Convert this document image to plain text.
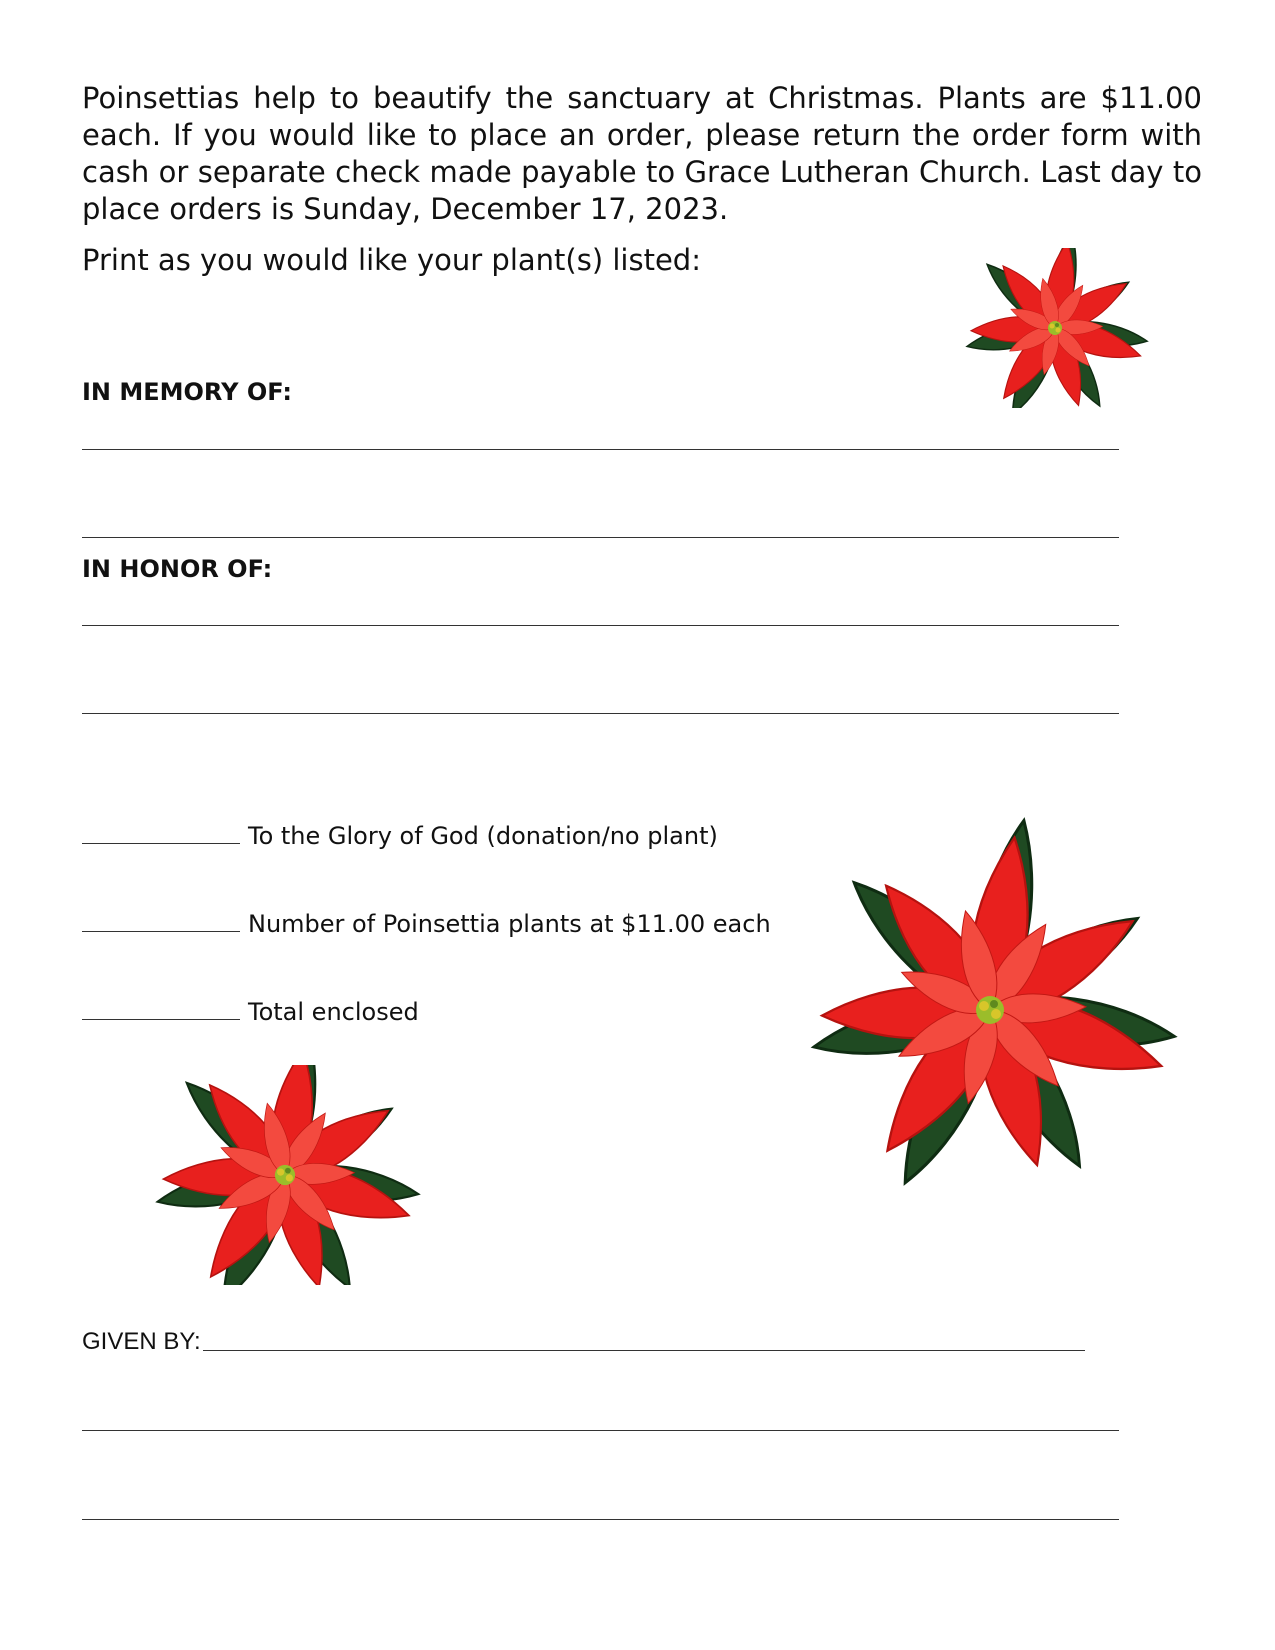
Poinsettias help to beautify the sanctuary at Christmas. Plants are $11.00 each. If you would like to place an order, please return the order form with cash or separate check made payable to Grace Lutheran Church. Last day to place orders is Sunday, December 17, 2023.

Print as you would like your plant(s) listed:

IN MEMORY OF:
IN HONOR OF:
To the Glory of God (donation/no plant)
Number of Poinsettia plants at $11.00 each
Total enclosed
GIVEN BY:
